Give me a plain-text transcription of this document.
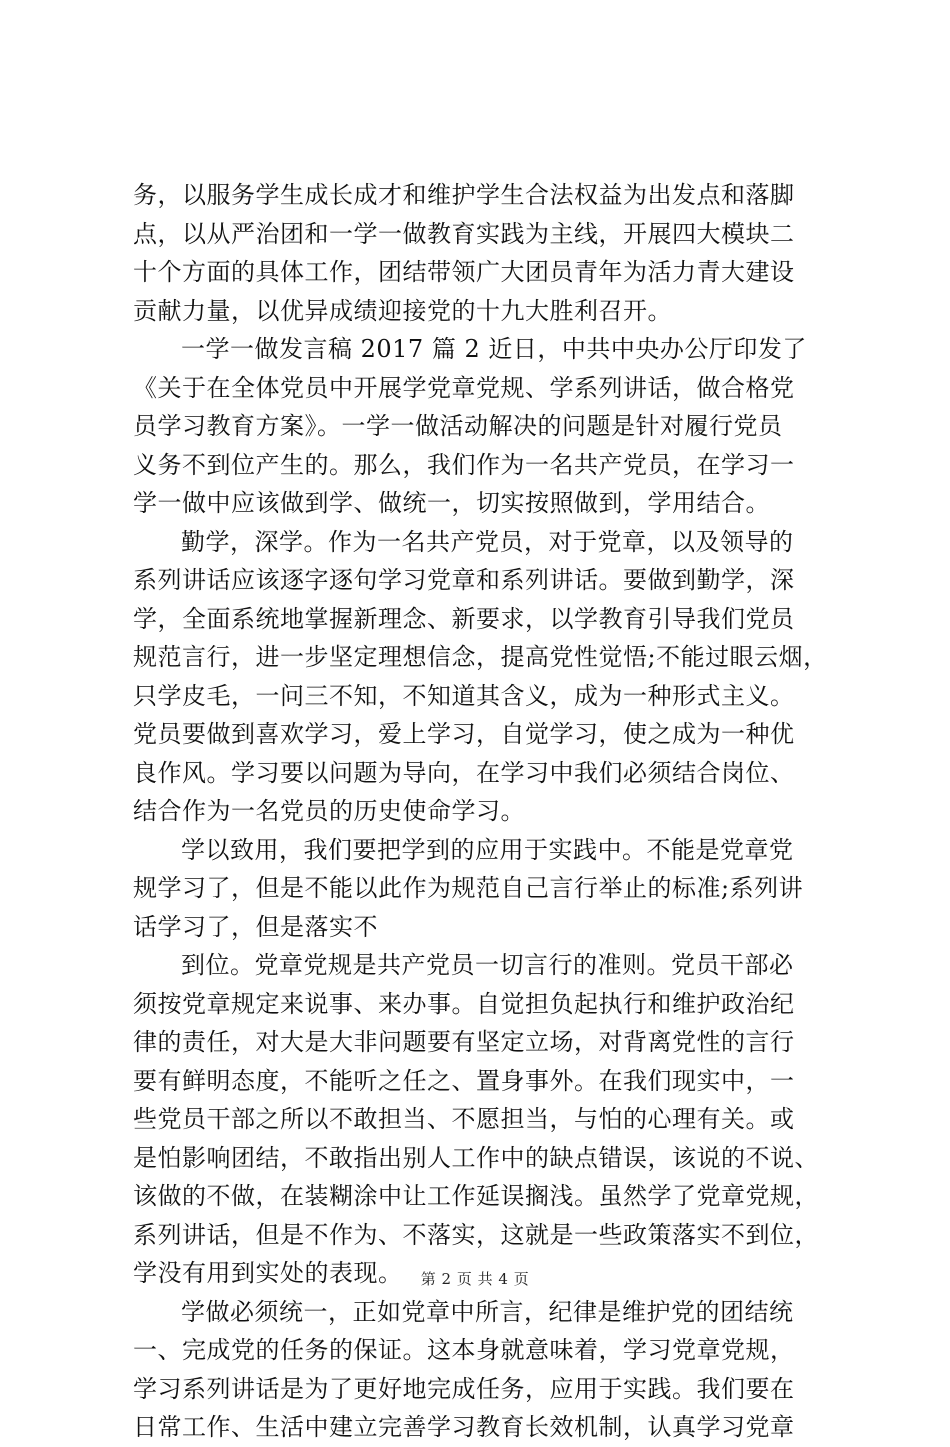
务，以服务学生成长成才和维护学生合法权益为出发点和落脚
点，以从严治团和一学一做教育实践为主线，开展四大模块二
十个方面的具体工作，团结带领广大团员青年为活力青大建设
贡献力量，以优异成绩迎接党的十九大胜利召开。

一学一做发言稿 2017 篇 2 近日，中共中央办公厅印发了
《关于在全体党员中开展学党章党规、学系列讲话，做合格党
员学习教育方案》。一学一做活动解决的问题是针对履行党员
义务不到位产生的。那么，我们作为一名共产党员，在学习一
学一做中应该做到学、做统一，切实按照做到，学用结合。

勤学，深学。作为一名共产党员，对于党章，以及领导的
系列讲话应该逐字逐句学习党章和系列讲话。要做到勤学，深
学，全面系统地掌握新理念、新要求，以学教育引导我们党员
规范言行，进一步坚定理想信念，提高党性觉悟;不能过眼云烟，
只学皮毛，一问三不知，不知道其含义，成为一种形式主义。
党员要做到喜欢学习，爱上学习，自觉学习，使之成为一种优
良作风。学习要以问题为导向，在学习中我们必须结合岗位、
结合作为一名党员的历史使命学习。

学以致用，我们要把学到的应用于实践中。不能是党章党
规学习了，但是不能以此作为规范自己言行举止的标准;系列讲
话学习了，但是落实不

到位。党章党规是共产党员一切言行的准则。党员干部必
须按党章规定来说事、来办事。自觉担负起执行和维护政治纪
律的责任，对大是大非问题要有坚定立场，对背离党性的言行
要有鲜明态度，不能听之任之、置身事外。在我们现实中，一
些党员干部之所以不敢担当、不愿担当，与怕的心理有关。或
是怕影响团结，不敢指出别人工作中的缺点错误，该说的不说、
该做的不做，在装糊涂中让工作延误搁浅。虽然学了党章党规，
系列讲话，但是不作为、不落实，这就是一些政策落实不到位，
学没有用到实处的表现。

学做必须统一，正如党章中所言，纪律是维护党的团结统
一、完成党的任务的保证。这本身就意味着，学习党章党规，
学习系列讲话是为了更好地完成任务，应用于实践。我们要在
日常工作、生活中建立完善学习教育长效机制，认真学习党章

第 2 页 共 4 页
